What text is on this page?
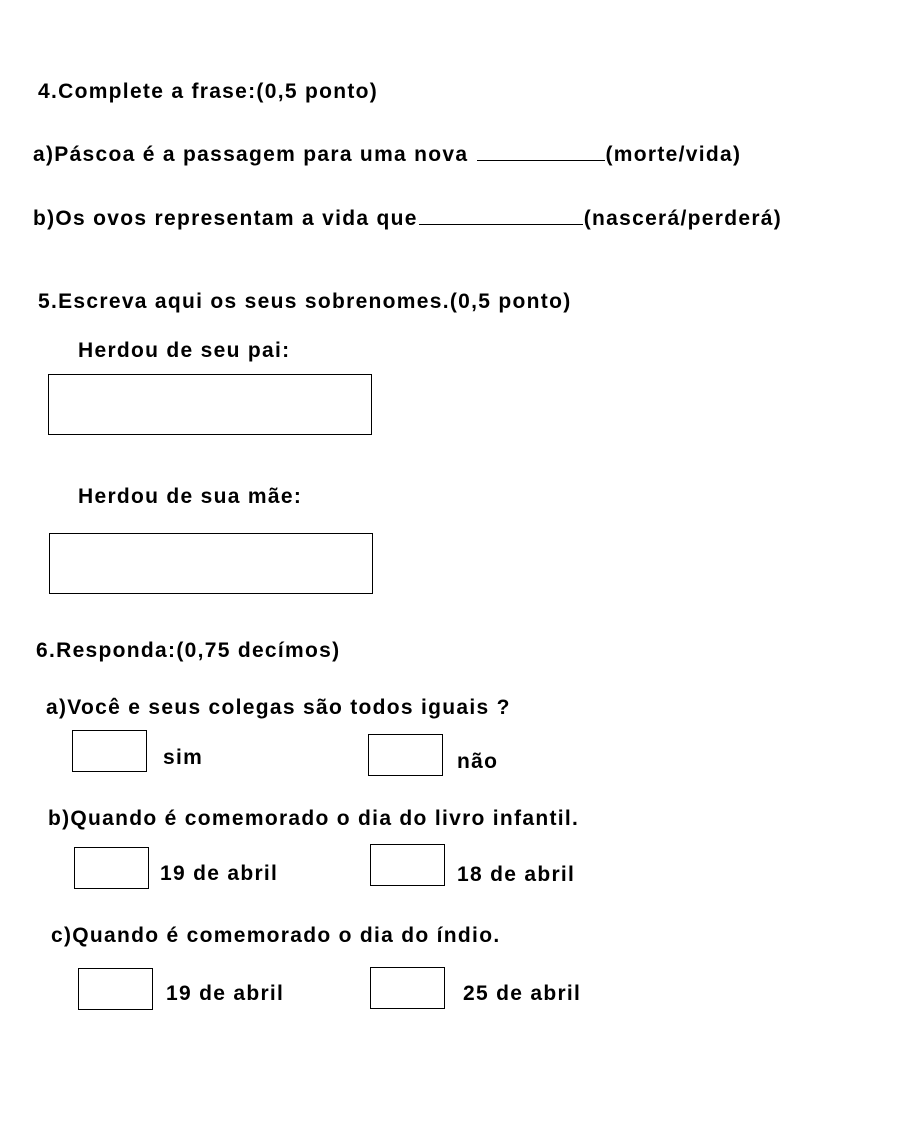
4.Complete a frase:(0,5 ponto)
a)Páscoa é a passagem para uma nova	(morte/vida)
b)Os ovos representam a vida que	(nascerá/perderá)
5.Escreva aqui os seus sobrenomes.(0,5 ponto)
Herdou de seu pai:
Herdou de sua mãe:
6.Responda:(0,75 decímos)
a)Você e seus colegas são todos iguais ?
sim	não
b)Quando é comemorado o dia do livro infantil.
19 de abril	18 de abril
c)Quando é comemorado o dia do índio.
19 de abril	25 de abril
